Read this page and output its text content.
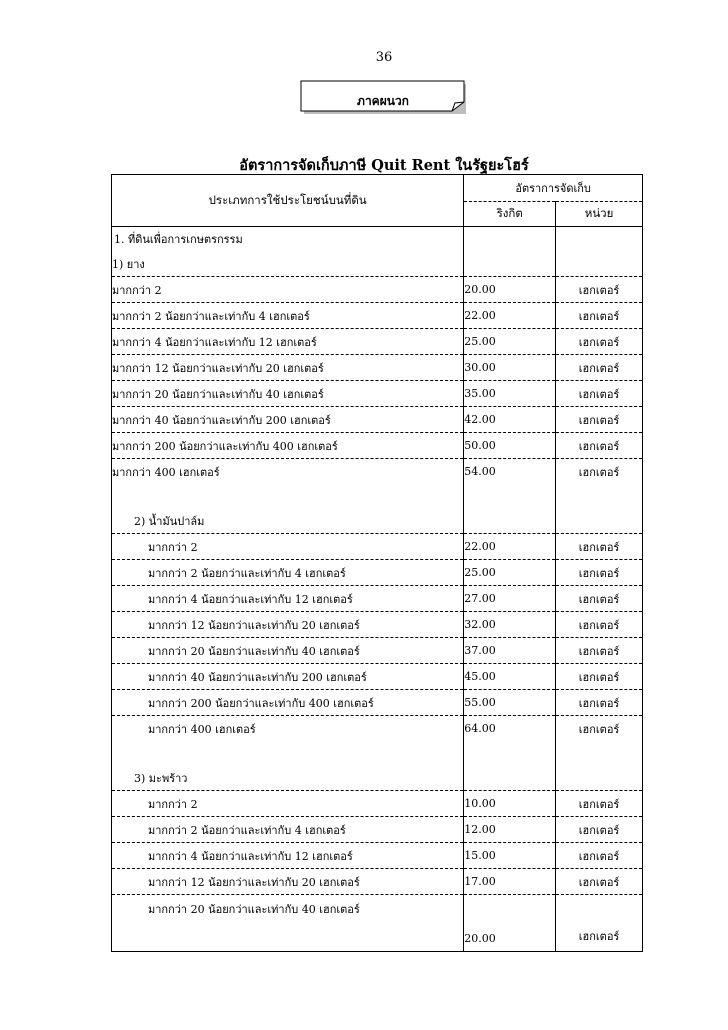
36
ภาคผนวก
อัตราการจัดเก็บภาษี Quit Rent ในรัฐยะโฮร์
ประเภทการใช้ประโยชน์บนที่ดิน	อัตราการจัดเก็บ	
	ริงกิต	หน่วย
1. ที่ดินเพื่อการเกษตรกรรม		
1) ยาง		
มากกว่า 2	20.00	เฮกเตอร์
มากกว่า 2 น้อยกว่าและเท่ากับ 4 เฮกเตอร์	22.00	เฮกเตอร์
มากกว่า 4 น้อยกว่าและเท่ากับ 12 เฮกเตอร์	25.00	เฮกเตอร์
มากกว่า 12 น้อยกว่าและเท่ากับ 20 เฮกเตอร์	30.00	เฮกเตอร์
มากกว่า 20 น้อยกว่าและเท่ากับ 40 เฮกเตอร์	35.00	เฮกเตอร์
มากกว่า 40 น้อยกว่าและเท่ากับ 200 เฮกเตอร์	42.00	เฮกเตอร์
มากกว่า 200 น้อยกว่าและเท่ากับ 400 เฮกเตอร์	50.00	เฮกเตอร์
มากกว่า 400 เฮกเตอร์	54.00	เฮกเตอร์

2) น้ำมันปาล์ม		
มากกว่า 2	22.00	เฮกเตอร์
มากกว่า 2 น้อยกว่าและเท่ากับ 4 เฮกเตอร์	25.00	เฮกเตอร์
มากกว่า 4 น้อยกว่าและเท่ากับ 12 เฮกเตอร์	27.00	เฮกเตอร์
มากกว่า 12 น้อยกว่าและเท่ากับ 20 เฮกเตอร์	32.00	เฮกเตอร์
มากกว่า 20 น้อยกว่าและเท่ากับ 40 เฮกเตอร์	37.00	เฮกเตอร์
มากกว่า 40 น้อยกว่าและเท่ากับ 200 เฮกเตอร์	45.00	เฮกเตอร์
มากกว่า 200 น้อยกว่าและเท่ากับ 400 เฮกเตอร์	55.00	เฮกเตอร์
มากกว่า 400 เฮกเตอร์	64.00	เฮกเตอร์

3) มะพร้าว		
มากกว่า 2	10.00	เฮกเตอร์
มากกว่า 2 น้อยกว่าและเท่ากับ 4 เฮกเตอร์	12.00	เฮกเตอร์
มากกว่า 4 น้อยกว่าและเท่ากับ 12 เฮกเตอร์	15.00	เฮกเตอร์
มากกว่า 12 น้อยกว่าและเท่ากับ 20 เฮกเตอร์	17.00	เฮกเตอร์
มากกว่า 20 น้อยกว่าและเท่ากับ 40 เฮกเตอร์	20.00	เฮกเตอร์
